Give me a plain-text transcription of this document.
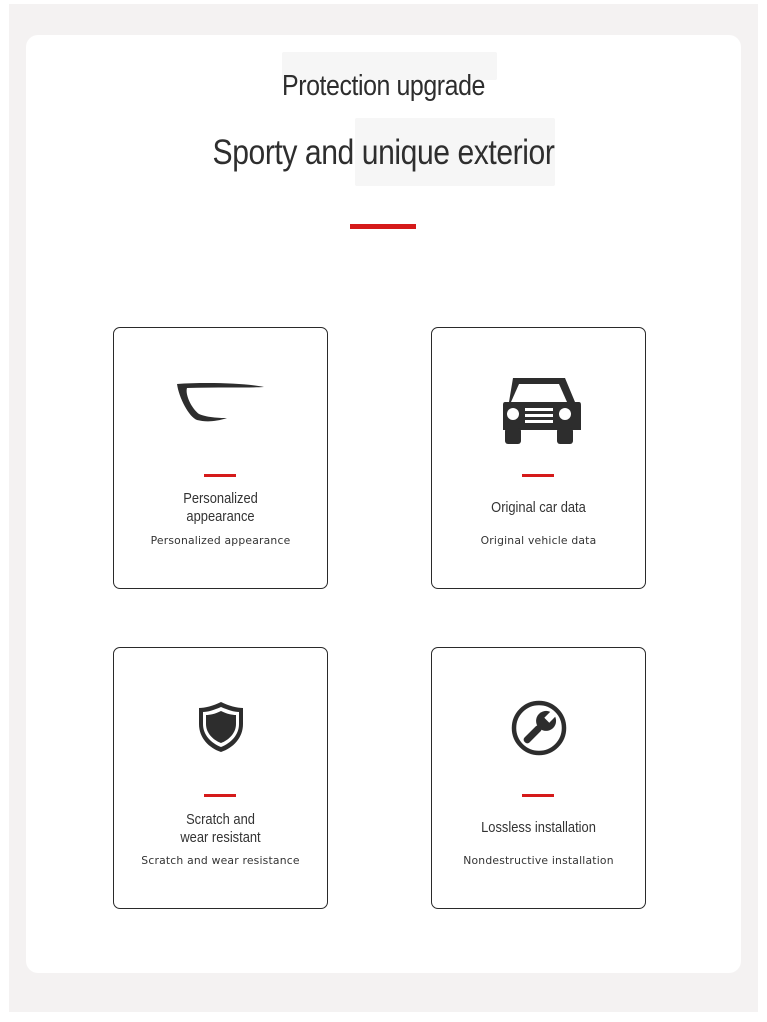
Protection upgrade
Sporty and unique exterior
Personalized appearance
Personalized appearance
Original car data
Original vehicle data
Scratch and wear resistant
Scratch and wear resistance
Lossless installation
Nondestructive installation
